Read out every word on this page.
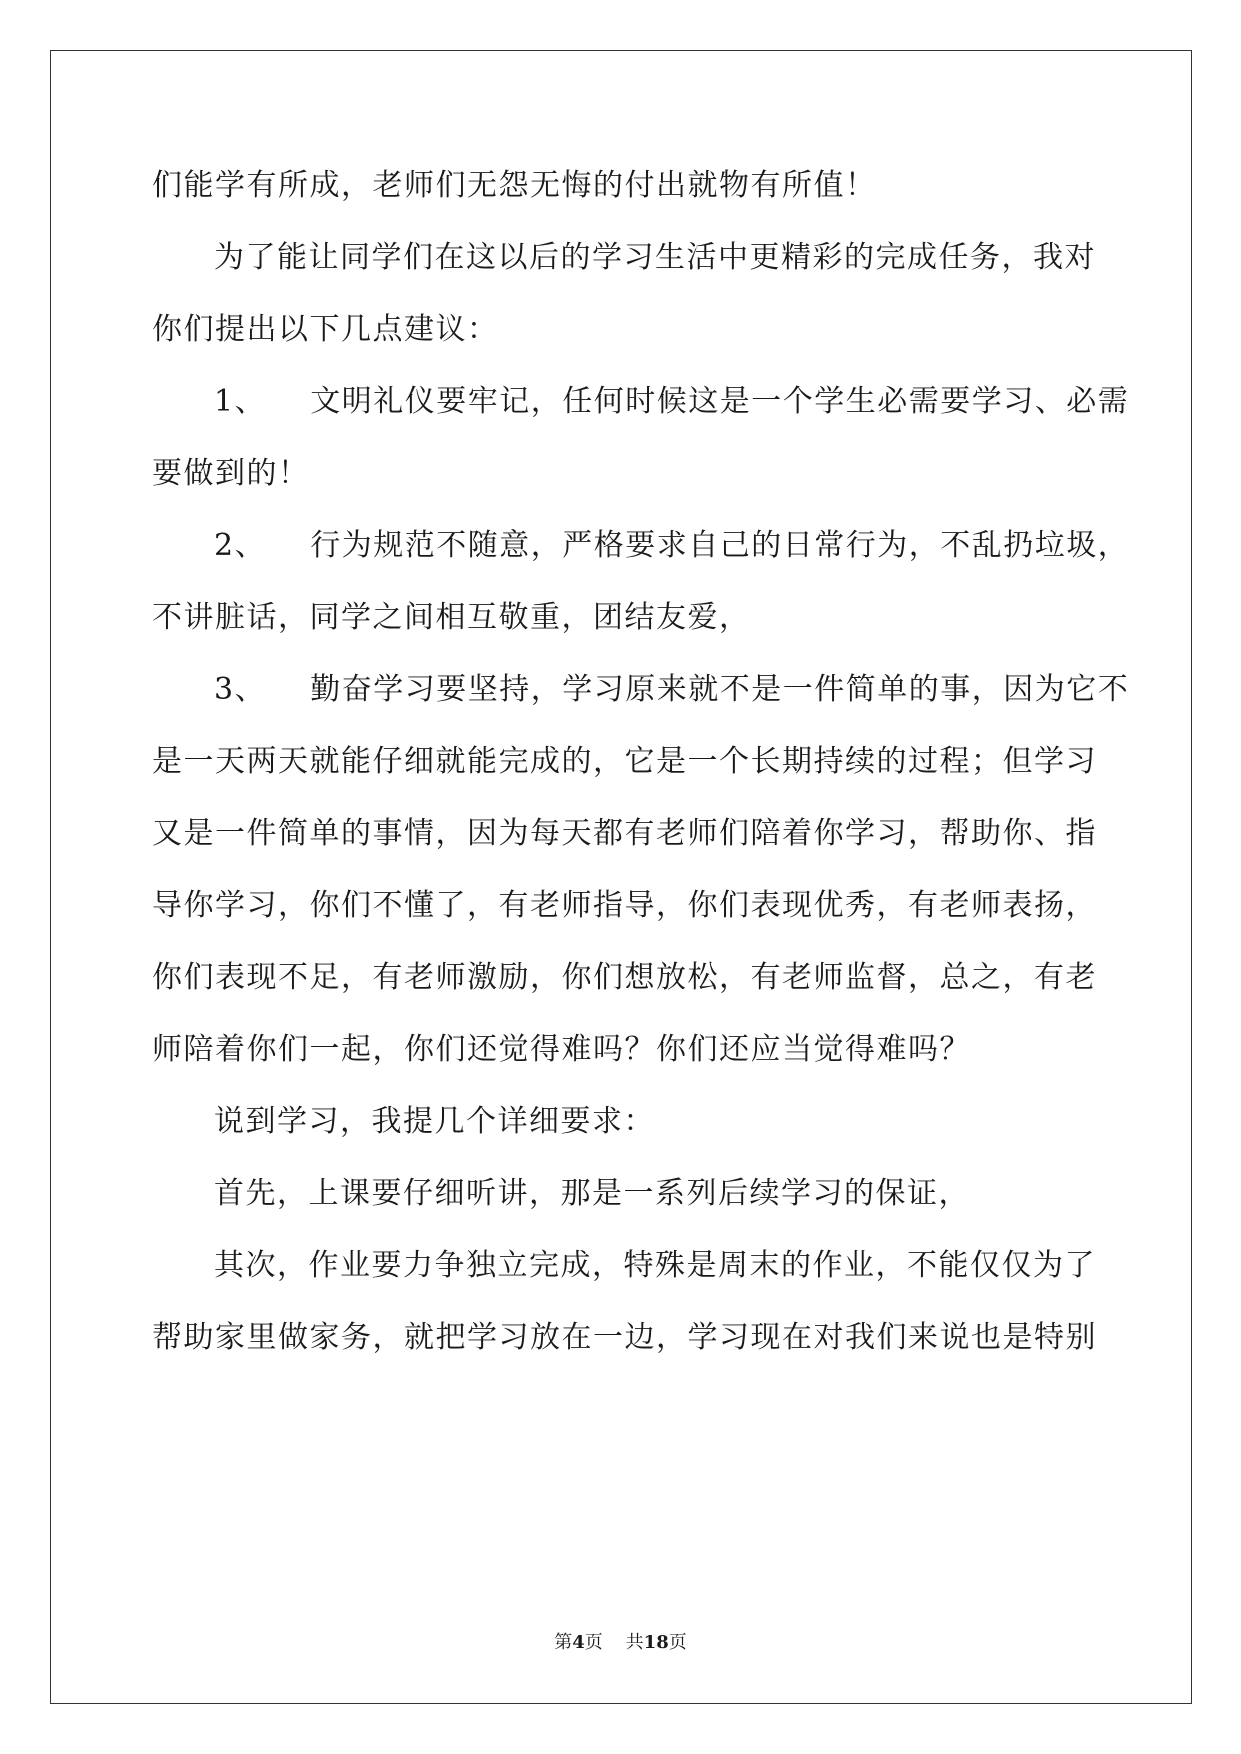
们能学有所成，老师们无怨无悔的付出就物有所值！
为了能让同学们在这以后的学习生活中更精彩的完成任务，我对
你们提出以下几点建议：
1、    文明礼仪要牢记，任何时候这是一个学生必需要学习、必需
要做到的！
2、    行为规范不随意，严格要求自己的日常行为，不乱扔垃圾，
不讲脏话，同学之间相互敬重，团结友爱，
3、    勤奋学习要坚持，学习原来就不是一件简单的事，因为它不
是一天两天就能仔细就能完成的，它是一个长期持续的过程；但学习
又是一件简单的事情，因为每天都有老师们陪着你学习，帮助你、指
导你学习，你们不懂了，有老师指导，你们表现优秀，有老师表扬，
你们表现不足，有老师激励，你们想放松，有老师监督，总之，有老
师陪着你们一起，你们还觉得难吗？你们还应当觉得难吗？
说到学习，我提几个详细要求：
首先，上课要仔细听讲，那是一系列后续学习的保证，
其次，作业要力争独立完成，特殊是周末的作业，不能仅仅为了
帮助家里做家务，就把学习放在一边，学习现在对我们来说也是特别
第4页 共18页
